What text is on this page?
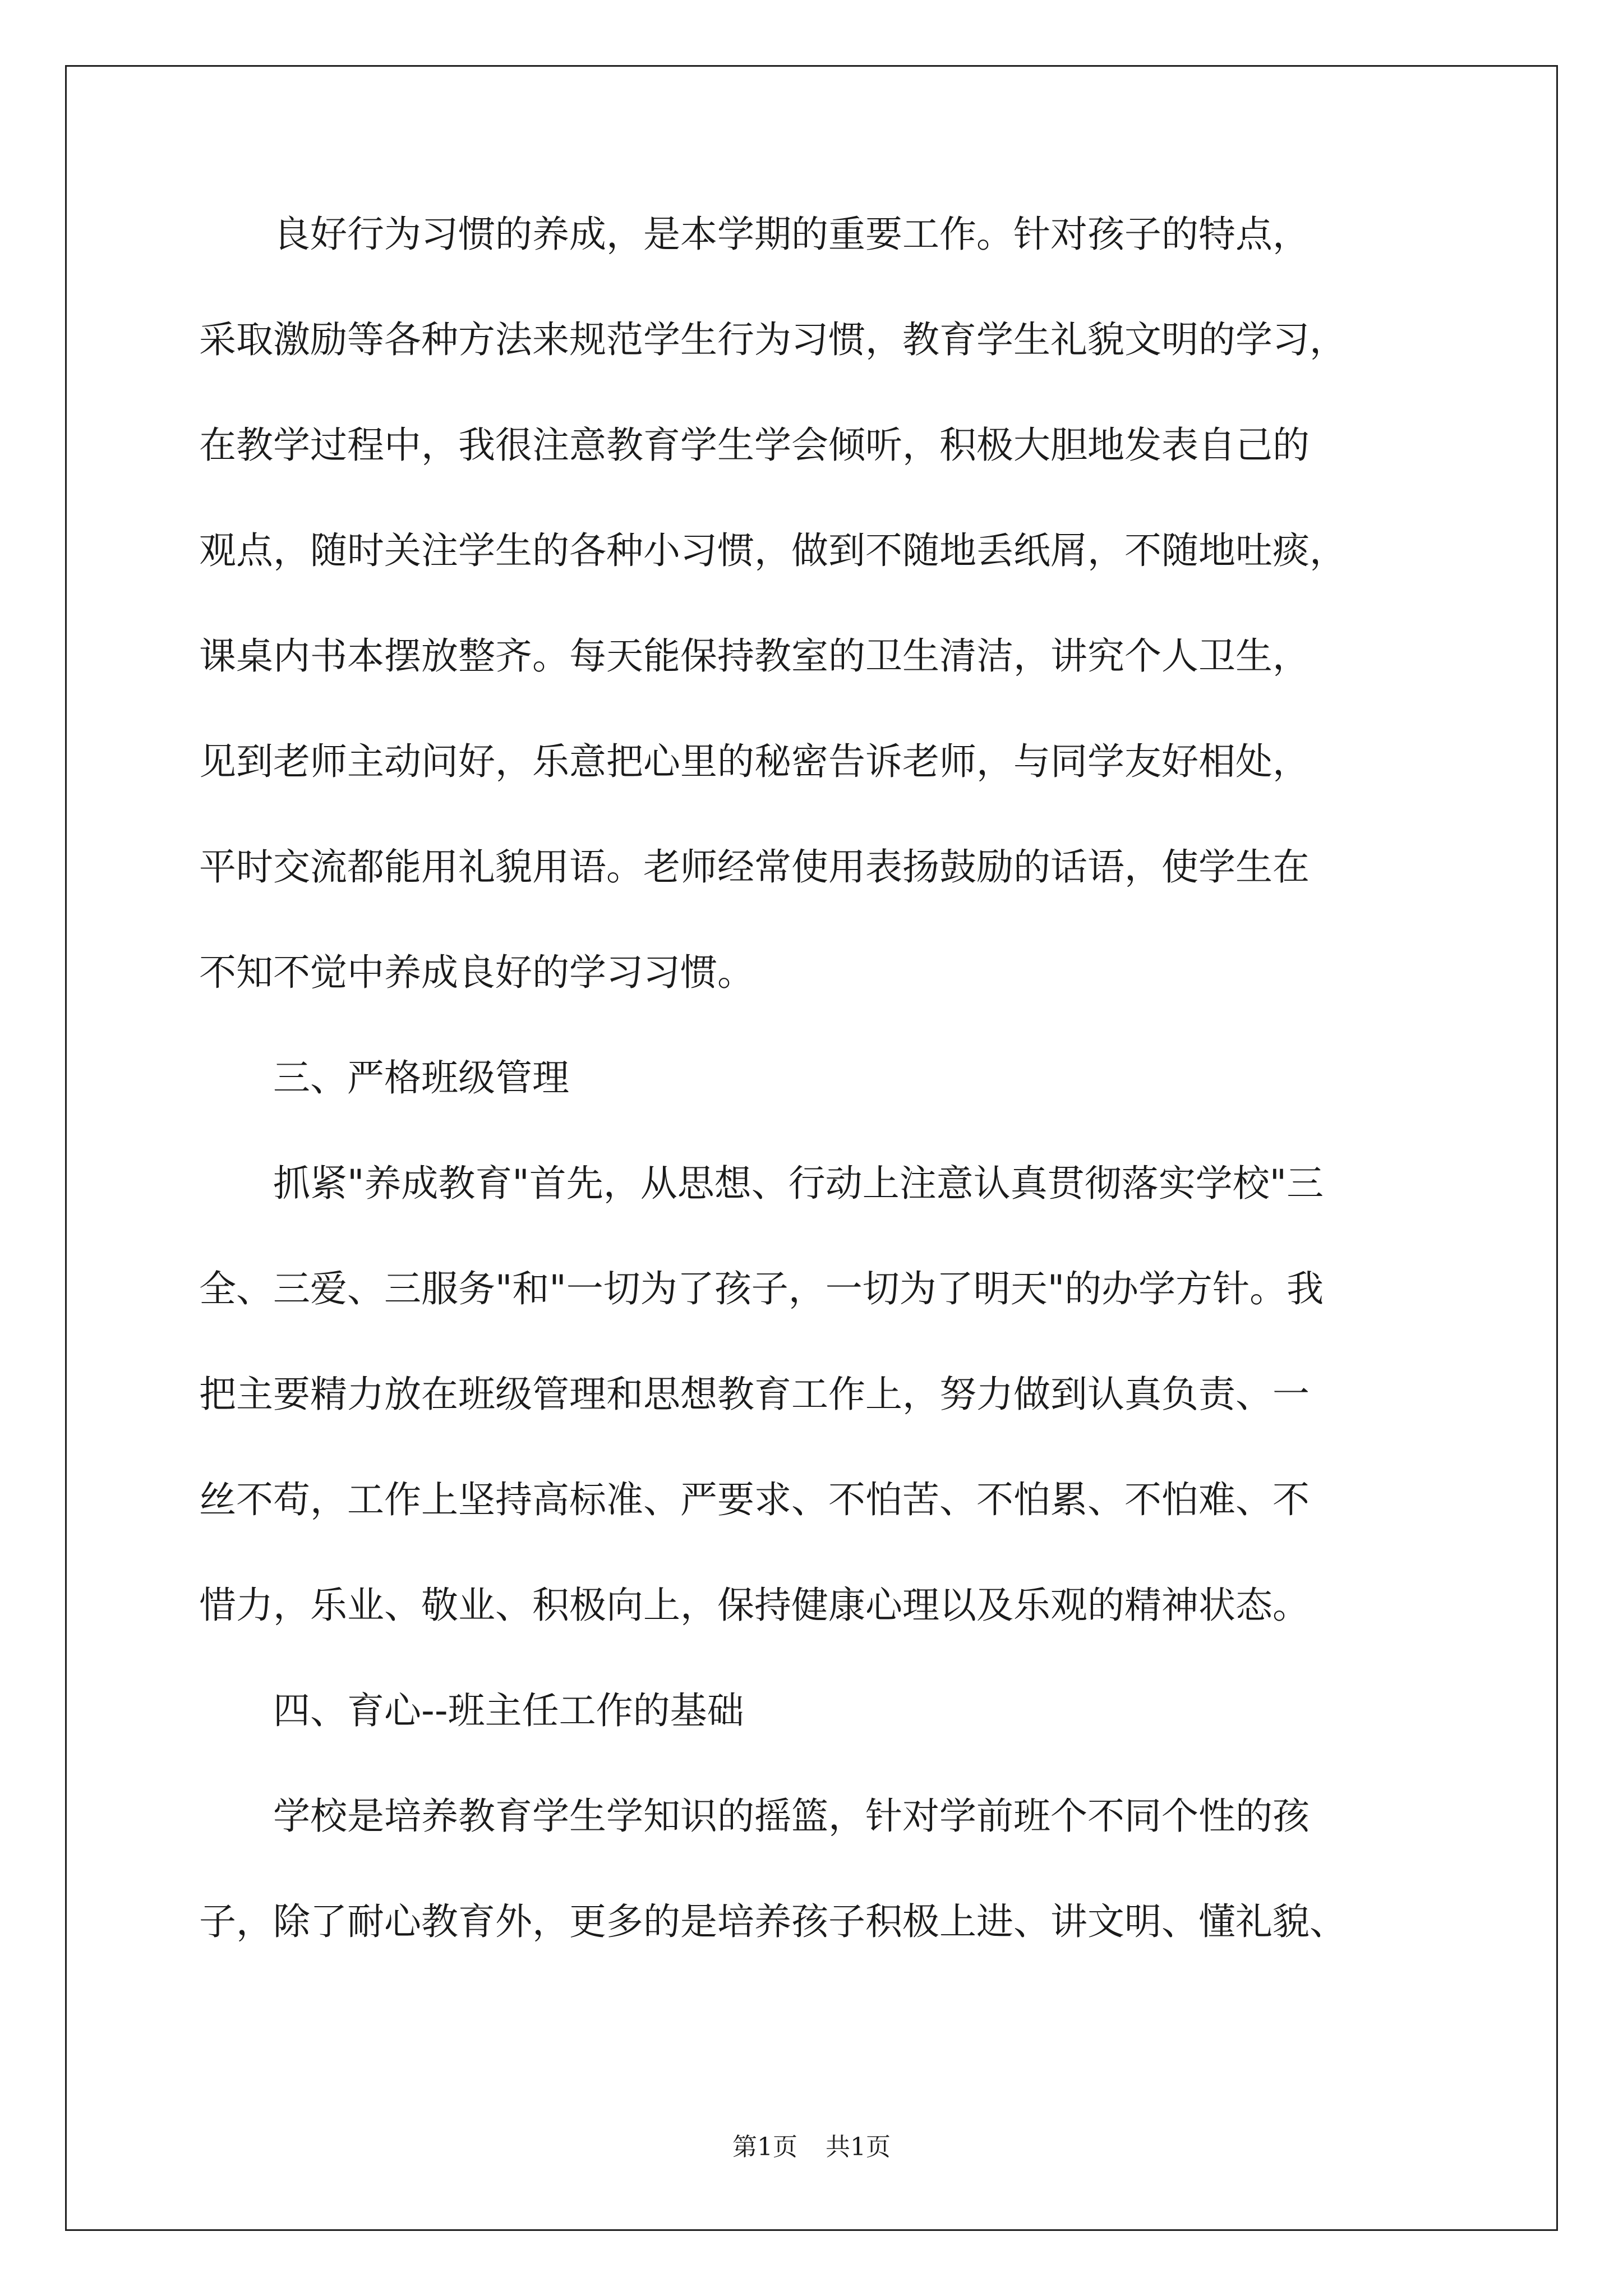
　　良好行为习惯的养成，是本学期的重要工作。针对孩子的特点，
采取激励等各种方法来规范学生行为习惯，教育学生礼貌文明的学习，
在教学过程中，我很注意教育学生学会倾听，积极大胆地发表自己的
观点，随时关注学生的各种小习惯，做到不随地丢纸屑，不随地吐痰，
课桌内书本摆放整齐。每天能保持教室的卫生清洁，讲究个人卫生，
见到老师主动问好，乐意把心里的秘密告诉老师，与同学友好相处，
平时交流都能用礼貌用语。老师经常使用表扬鼓励的话语，使学生在
不知不觉中养成良好的学习习惯。
　　三、严格班级管理
　　抓紧"养成教育"首先，从思想、行动上注意认真贯彻落实学校"三
全、三爱、三服务"和"一切为了孩子，一切为了明天"的办学方针。我
把主要精力放在班级管理和思想教育工作上，努力做到认真负责、一
丝不苟，工作上坚持高标准、严要求、不怕苦、不怕累、不怕难、不
惜力，乐业、敬业、积极向上，保持健康心理以及乐观的精神状态。
　　四、育心--班主任工作的基础
　　学校是培养教育学生学知识的摇篮，针对学前班个不同个性的孩
子，除了耐心教育外，更多的是培养孩子积极上进、讲文明、懂礼貌、
第1页 共1页
